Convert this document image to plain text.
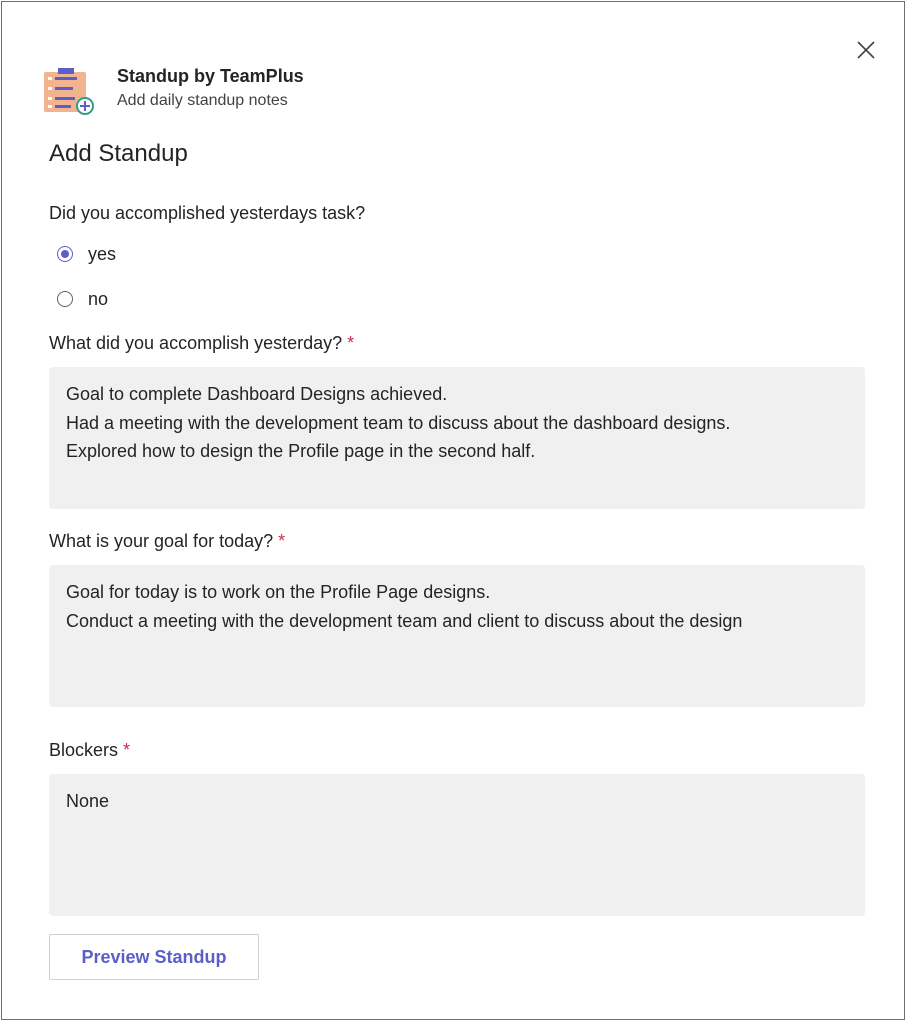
Standup by TeamPlus
Add daily standup notes
Add Standup
Did you accomplished yesterdays task?
yes
no
What did you accomplish yesterday? *
Goal to complete Dashboard Designs achieved.
Had a meeting with the development team to discuss about the dashboard designs.
Explored how to design the Profile page in the second half.
What is your goal for today? *
Goal for today is to work on the Profile Page designs.
Conduct a meeting with the development team and client to discuss about the design
Blockers *
None
Preview Standup
